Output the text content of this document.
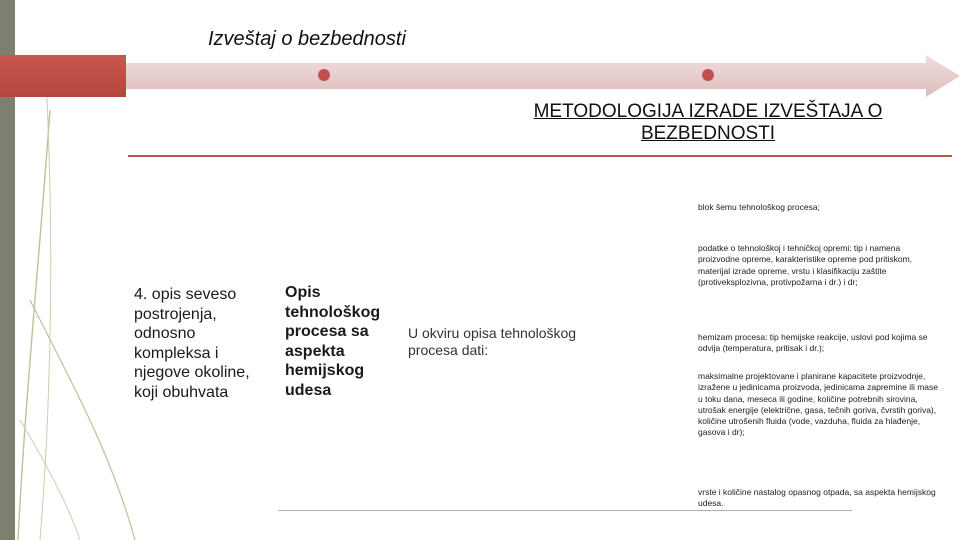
Izveštaj o bezbednosti
METODOLOGIJA IZRADE IZVEŠTAJA O BEZBEDNOSTI
4. opis seveso postrojenja, odnosno kompleksa i njegove okoline, koji obuhvata
Opis tehnološkog procesa sa aspekta hemijskog udesa
U okviru opisa tehnološkog procesa dati:
blok šemu tehnološkog procesa;
podatke o tehnološkoj i tehničkoj opremi: tip i namena proizvodne opreme, karakteristike opreme pod pritiskom, materijal izrade opreme, vrstu i klasifikaciju zaštite (protiveksplozivna, protivpožarna i dr.) i dr;
hemizam procesa: tip hemijske reakcije, uslovi pod kojima se odvija (temperatura, pritisak i dr.);
maksimalne projektovane i planirane kapacitete proizvodnje, izražene u jedinicama proizvoda, jedinicama zapremine ili mase u toku dana, meseca ili godine, količine potrebnih sirovina, utrošak energije (električne, gasa, tečnih goriva, čvrstih goriva), količine utrošenih fluida (vode, vazduha, fluida za hlađenje, gasova i dr);
vrste i količine nastalog opasnog otpada, sa aspekta hemijskog udesa.
